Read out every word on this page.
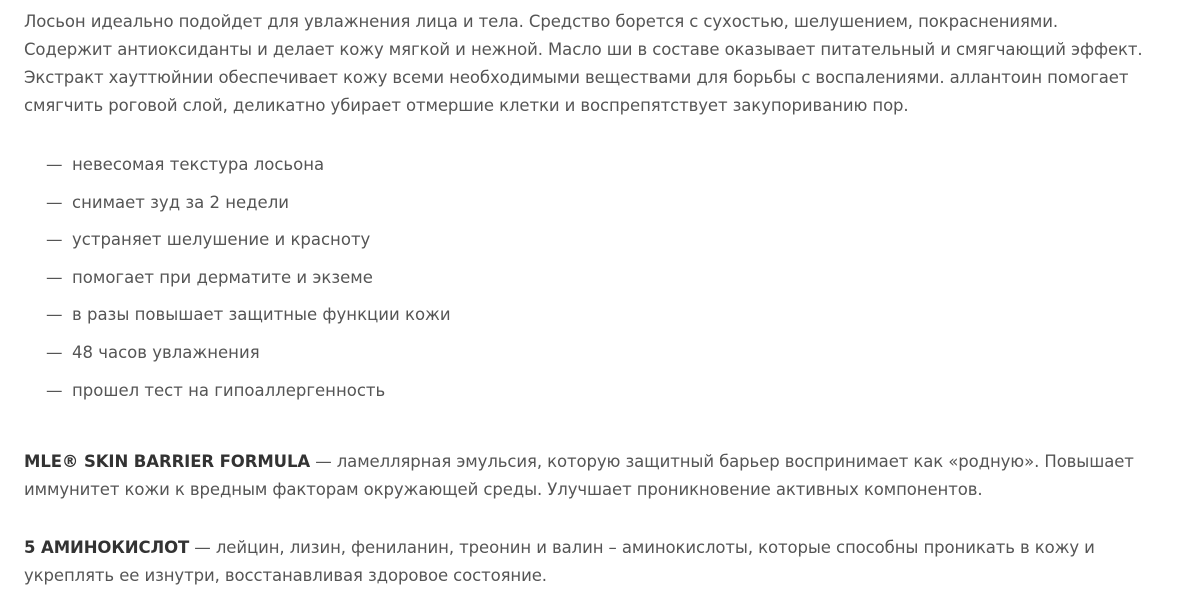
Лосьон идеально подойдет для увлажнения лица и тела. Средство борется с сухостью, шелушением, покраснениями.
Содержит антиоксиданты и делает кожу мягкой и нежной. Масло ши в составе оказывает питательный и смягчающий эффект.
Экстракт хауттюйнии обеспечивает кожу всеми необходимыми веществами для борьбы с воспалениями. аллантоин помогает
смягчить роговой слой, деликатно убирает отмершие клетки и воспрепятствует закупориванию пор.

— невесомая текстура лосьона
— снимает зуд за 2 недели
— устраняет шелушение и красноту
— помогает при дерматите и экземе
— в разы повышает защитные функции кожи
— 48 часов увлажнения
— прошел тест на гипоаллергенность

MLE® SKIN BARRIER FORMULA — ламеллярная эмульсия, которую защитный барьер воспринимает как «родную». Повышает
иммунитет кожи к вредным факторам окружающей среды. Улучшает проникновение активных компонентов.

5 АМИНОКИСЛОТ — лейцин, лизин, фениланин, треонин и валин – аминокислоты, которые способны проникать в кожу и
укреплять ее изнутри, восстанавливая здоровое состояние.
